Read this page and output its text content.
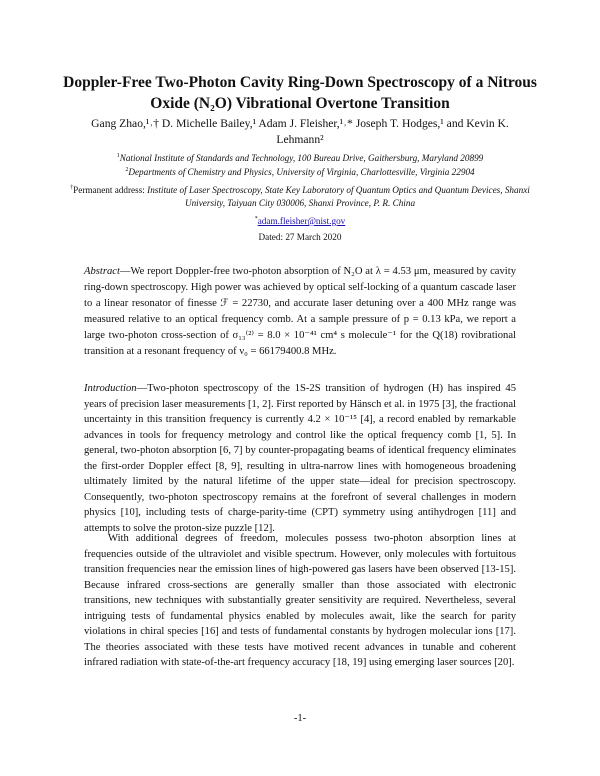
Doppler-Free Two-Photon Cavity Ring-Down Spectroscopy of a Nitrous Oxide (N₂O) Vibrational Overtone Transition
Gang Zhao,¹˒† D. Michelle Bailey,¹ Adam J. Fleisher,¹˒* Joseph T. Hodges,¹ and Kevin K. Lehmann²
$^1$National Institute of Standards and Technology, 100 Bureau Drive, Gaithersburg, Maryland 20899
$^2$Departments of Chemistry and Physics, University of Virginia, Charlottesville, Virginia 22904
†Permanent address: Institute of Laser Spectroscopy, State Key Laboratory of Quantum Optics and Quantum Devices, Shanxi University, Taiyuan City 030006, Shanxi Province, P. R. China
*adam.fleisher@nist.gov
Dated: 27 March 2020
Abstract—We report Doppler-free two-photon absorption of N₂O at λ = 4.53 μm, measured by cavity ring-down spectroscopy. High power was achieved by optical self-locking of a quantum cascade laser to a linear resonator of finesse ℱ = 22730, and accurate laser detuning over a 400 MHz range was measured relative to an optical frequency comb. At a sample pressure of p = 0.13 kPa, we report a large two-photon cross-section of σ₁₃⁽²⁾ = 8.0 × 10⁻⁴¹ cm⁴ s molecule⁻¹ for the Q(18) rovibrational transition at a resonant frequency of ν₀ = 66179400.8 MHz.
Introduction—Two-photon spectroscopy of the 1S-2S transition of hydrogen (H) has inspired 45 years of precision laser measurements [1, 2]. First reported by Hänsch et al. in 1975 [3], the fractional uncertainty in this transition frequency is currently 4.2 × 10⁻¹⁵ [4], a record enabled by remarkable advances in tools for frequency metrology and control like the optical frequency comb [1, 5]. In general, two-photon absorption [6, 7] by counter-propagating beams of identical frequency eliminates the first-order Doppler effect [8, 9], resulting in ultra-narrow lines with homogeneous broadening ultimately limited by the natural lifetime of the upper state—ideal for precision spectroscopy. Consequently, two-photon spectroscopy remains at the forefront of several challenges in modern physics [10], including tests of charge-parity-time (CPT) symmetry using antihydrogen [11] and attempts to solve the proton-size puzzle [12].
With additional degrees of freedom, molecules possess two-photon absorption lines at frequencies outside of the ultraviolet and visible spectrum. However, only molecules with fortuitous transition frequencies near the emission lines of high-powered gas lasers have been observed [13-15]. Because infrared cross-sections are generally smaller than those associated with electronic transitions, new techniques with substantially greater sensitivity are required. Nevertheless, several intriguing tests of fundamental physics enabled by molecules await, like the search for parity violations in chiral species [16] and tests of fundamental constants by hydrogen molecular ions [17]. The theories associated with these tests have motived recent advances in tunable and coherent infrared radiation with state-of-the-art frequency accuracy [18, 19] using emerging laser sources [20].
-1-
